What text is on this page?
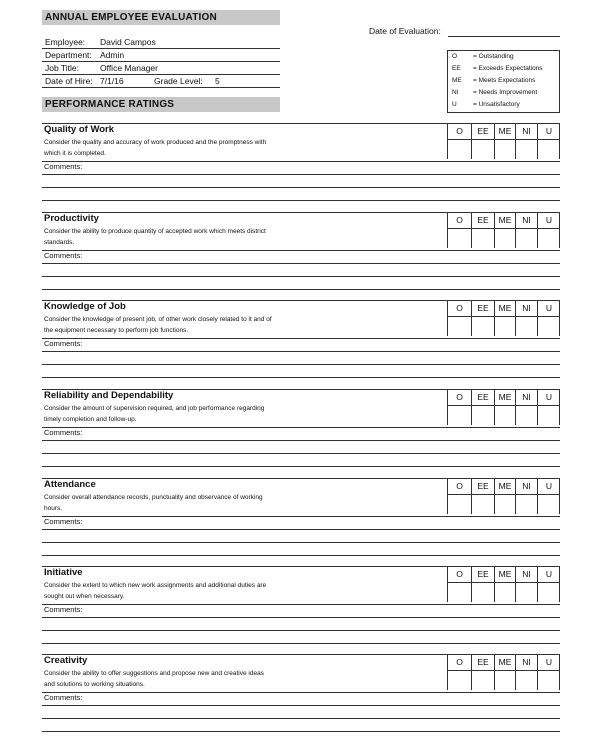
ANNUAL EMPLOYEE EVALUATION
Date of Evaluation:
Employee: David Campos
Department: Admin
Job Title: Office Manager
Date of Hire: 7/1/16	Grade Level: 5
PERFORMANCE RATINGS
O = Outstanding
EE = Exceeds Expectations
ME = Meets Expectations
NI = Needs Improvement
U	= Unsatisfactory
Quality of Work
Consider the quality and accuracy of work produced and the promptness with
which it is completed.
Comments:
O	EE	ME	NI	U
Productivity
Consider the ability to produce quantity of accepted work which meets district
standards.
Comments:
O	EE	ME	NI	U
Knowledge of Job
Consider the knowledge of present job, of other work closely related to it and of
the equipment necessary to perform job functions.
Comments:
O	EE	ME	NI	U
Reliability and Dependability
Consider the amount of supervision required, and job performance regarding
timely completion and follow-up.
Comments:
O	EE	ME	NI	U
Attendance
Consider overall attendance records, punctuality and observance of working
hours.
Comments:
O	EE	ME	NI	U
Initiative
Consider the extent to which new work assignments and additional duties are
sought out when necessary.
Comments:
O	EE	ME	NI	U
Creativity
Consider the ability to offer suggestions and propose new and creative ideas
and solutions to working situations.
Comments:
O	EE	ME	NI	U
